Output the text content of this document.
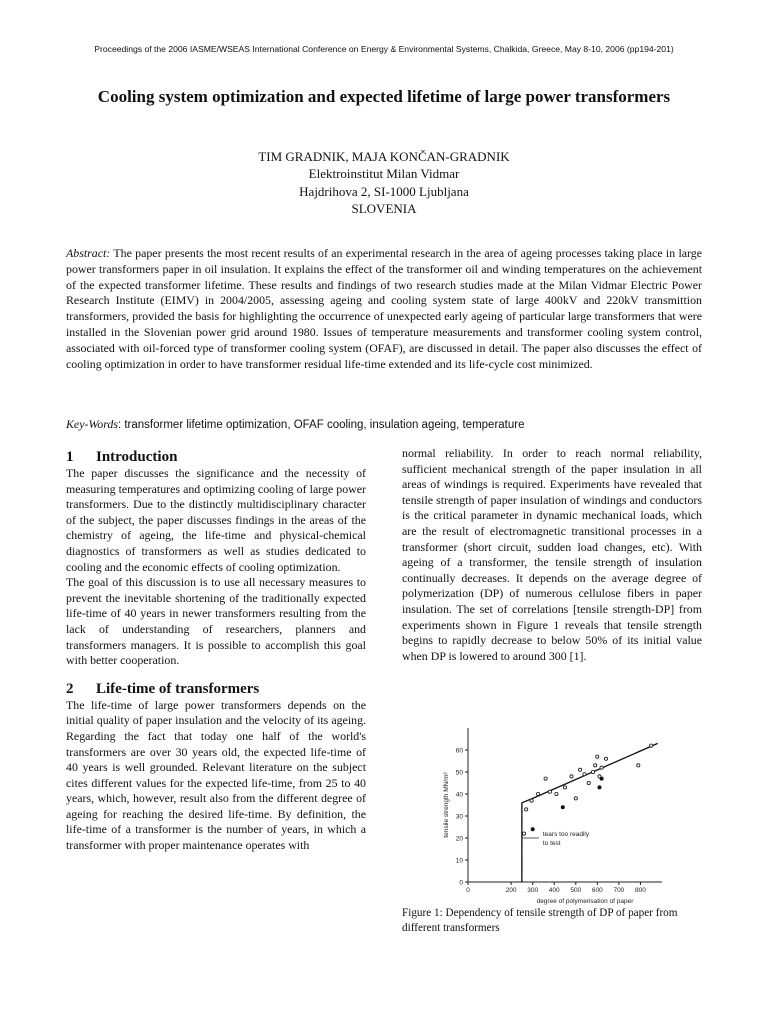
Proceedings of the 2006 IASME/WSEAS International Conference on Energy & Environmental Systems, Chalkida, Greece, May 8-10, 2006 (pp194-201)
Cooling system optimization and expected lifetime of large power transformers
TIM GRADNIK, MAJA KONČAN-GRADNIK
Elektroinstitut Milan Vidmar
Hajdrihova 2, SI-1000 Ljubljana
SLOVENIA
Abstract: The paper presents the most recent results of an experimental research in the area of ageing processes taking place in large power transformers paper in oil insulation. It explains the effect of the transformer oil and winding temperatures on the achievement of the expected transformer lifetime. These results and findings of two research studies made at the Milan Vidmar Electric Power Research Institute (EIMV) in 2004/2005, assessing ageing and cooling system state of large 400kV and 220kV transmittion transformers, provided the basis for highlighting the occurrence of unexpected early ageing of particular large transformers that were installed in the Slovenian power grid around 1980. Issues of temperature measurements and transformer cooling system control, associated with oil-forced type of transformer cooling system (OFAF), are discussed in detail. The paper also discusses the effect of cooling optimization in order to have transformer residual life-time extended and its life-cycle cost minimized.
Key-Words: transformer lifetime optimization, OFAF cooling, insulation ageing, temperature

1 Introduction

The paper discusses the significance and the necessity of measuring temperatures and optimizing cooling of large power transformers. Due to the distinctly multidisciplinary character of the subject, the paper discusses findings in the areas of the chemistry of ageing, the life-time and physical-chemical diagnostics of transformers as well as studies dedicated to cooling and the economic effects of cooling optimization.

The goal of this discussion is to use all necessary measures to prevent the inevitable shortening of the traditionally expected life-time of 40 years in newer transformers resulting from the lack of understanding of researchers, planners and transformers managers. It is possible to accomplish this goal with better cooperation.

2 Life-time of transformers

The life-time of large power transformers depends on the initial quality of paper insulation and the velocity of its ageing. Regarding the fact that today one half of the world's transformers are over 30 years old, the expected life-time of 40 years is well grounded. Relevant literature on the subject cites different values for the expected life-time, from 25 to 40 years, which, however, result also from the different degree of ageing for reaching the desired life-time. By definition, the life-time of a transformer is the number of years, in which a transformer with proper maintenance operates with

normal reliability. In order to reach normal reliability, sufficient mechanical strength of the paper insulation in all areas of windings is required. Experiments have revealed that tensile strength of paper insulation of windings and conductors is the critical parameter in dynamic mechanical loads, which are the result of electromagnetic transitional processes in a transformer (short circuit, sudden load changes, etc). With ageing of a transformer, the tensile strength of insulation continually decreases. It depends on the average degree of polymerization (DP) of numerous cellulose fibers in paper insulation. The set of correlations [tensile strength-DP] from experiments shown in Figure 1 reveals that tensile strength begins to rapidly decrease to below 50% of its initial value when DP is lowered to around 300 [1].

0
10
20
30
40
50
60
0	200 300 400 500 600 700 800
degree of polymerisation of paper
tensile strength MN/m²	tears too readily
to test
Figure 1: Dependency of tensile strength of DP of paper from different transformers
